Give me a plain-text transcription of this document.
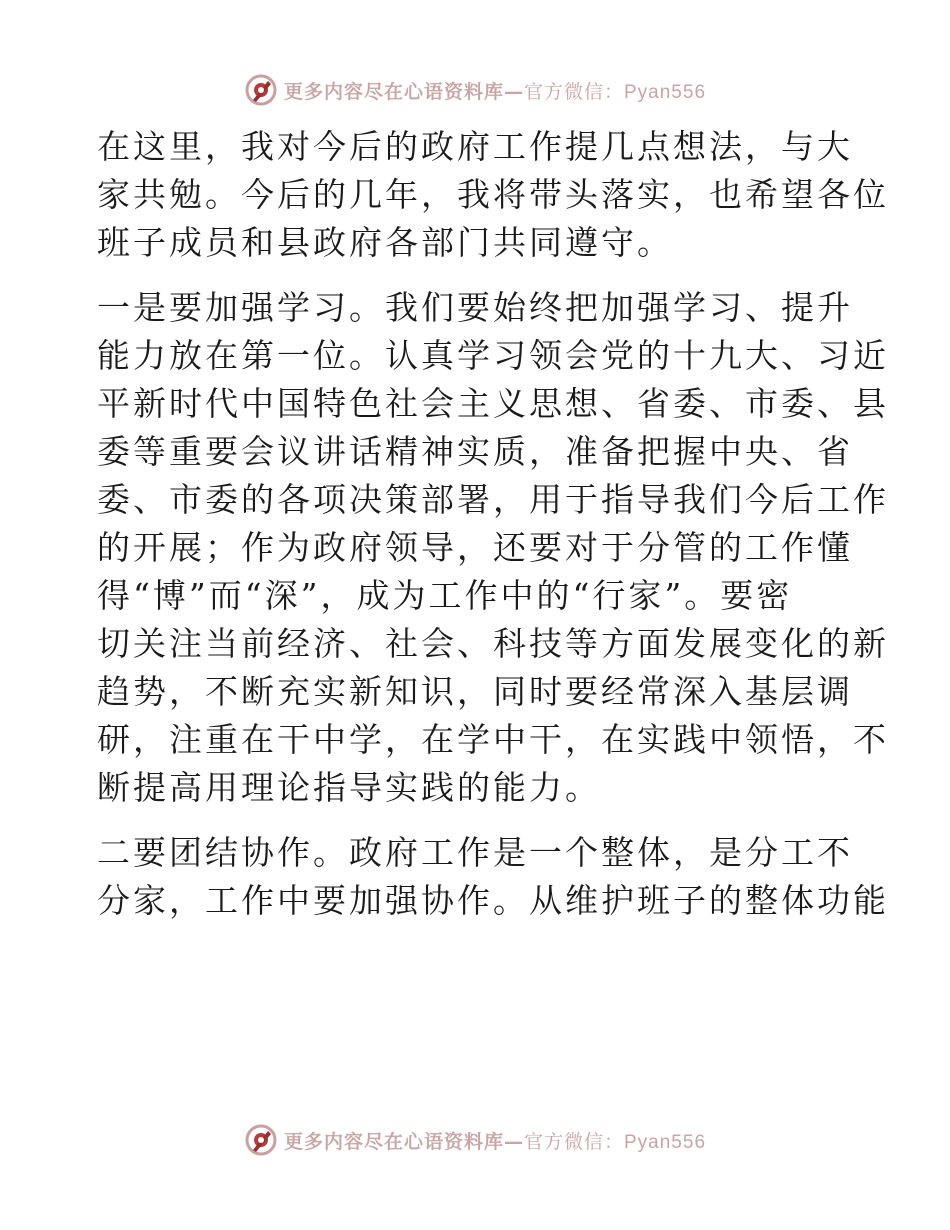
更多内容尽在心语资料库—官方微信：Pyan556

在这里，我对今后的政府工作提几点想法，与大
家共勉。今后的几年，我将带头落实，也希望各位
班子成员和县政府各部门共同遵守。

一是要加强学习。我们要始终把加强学习、提升
能力放在第一位。认真学习领会党的十九大、习近
平新时代中国特色社会主义思想、省委、市委、县
委等重要会议讲话精神实质，准备把握中央、省
委、市委的各项决策部署，用于指导我们今后工作
的开展；作为政府领导，还要对于分管的工作懂
得“博”而“深”，成为工作中的“行家”。要密
切关注当前经济、社会、科技等方面发展变化的新
趋势，不断充实新知识，同时要经常深入基层调
研，注重在干中学，在学中干，在实践中领悟，不
断提高用理论指导实践的能力。

二要团结协作。政府工作是一个整体，是分工不
分家，工作中要加强协作。从维护班子的整体功能

更多内容尽在心语资料库—官方微信：Pyan556
